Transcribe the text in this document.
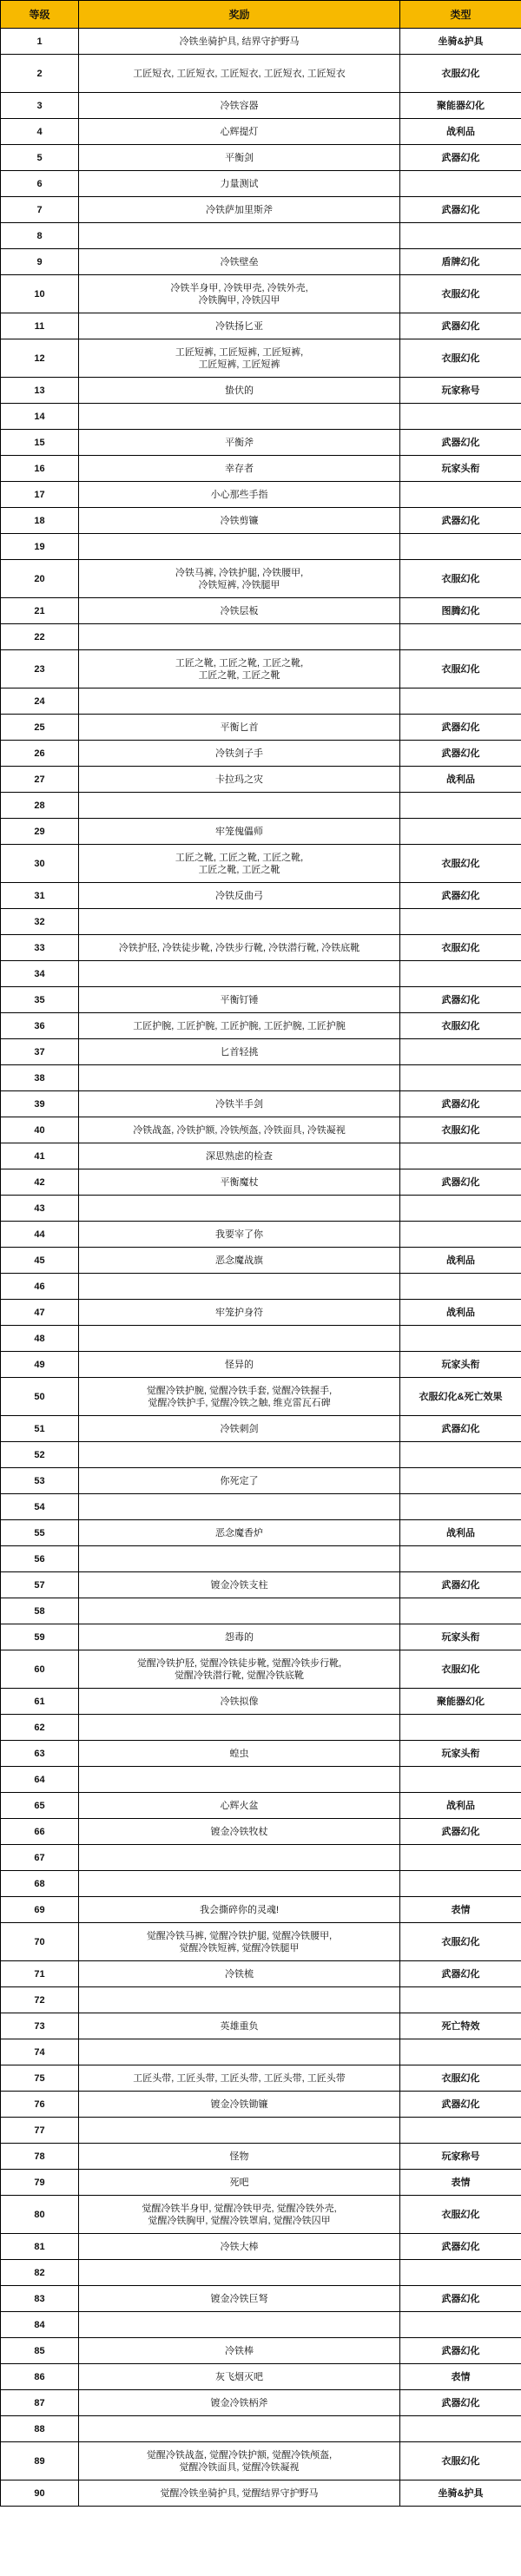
等级	奖励	类型
1	冷铁坐骑护具, 结界守护野马	坐骑&护具
2	工匠短衣, 工匠短衣, 工匠短衣, 工匠短衣, 工匠短衣	衣服幻化
3	冷铁容器	聚能器幻化
4	心辉提灯	战利品
5	平衡剑	武器幻化
6	力量测试	
7	冷铁萨加里斯斧	武器幻化
8		
9	冷铁壁垒	盾牌幻化
10	冷铁半身甲, 冷铁甲壳, 冷铁外壳,
冷铁胸甲, 冷铁囚甲	衣服幻化
11	冷铁扬匕亚	武器幻化
12	工匠短裤, 工匠短裤, 工匠短裤,
工匠短裤, 工匠短裤	衣服幻化
13	蛰伏的	玩家称号
14		
15	平衡斧	武器幻化
16	幸存者	玩家头衔
17	小心那些手指	
18	冷铁剪镰	武器幻化
19		
20	冷铁马裤, 冷铁护腿, 冷铁腰甲,
冷铁短裤, 冷铁腿甲	衣服幻化
21	冷铁层板	图腾幻化
22		
23	工匠之靴, 工匠之靴, 工匠之靴,
工匠之靴, 工匠之靴	衣服幻化
24		
25	平衡匕首	武器幻化
26	冷铁剑子手	武器幻化
27	卡拉玛之灾	战利品
28		
29	牢笼傀儡师	
30	工匠之靴, 工匠之靴, 工匠之靴,
工匠之靴, 工匠之靴	衣服幻化
31	冷铁反曲弓	武器幻化
32		
33	冷铁护胫, 冷铁徒步靴, 冷铁步行靴, 冷铁潜行靴, 冷铁底靴	衣服幻化
34		
35	平衡钉锤	武器幻化
36	工匠护腕, 工匠护腕, 工匠护腕, 工匠护腕, 工匠护腕	衣服幻化
37	匕首轻挑	
38		
39	冷铁半手剑	武器幻化
40	冷铁战盔, 冷铁护额, 冷铁颅盔, 冷铁面具, 冷铁凝视	衣服幻化
41	深思熟虑的检查	
42	平衡魔杖	武器幻化
43		
44	我要宰了你	
45	恶念魔战旗	战利品
46		
47	牢笼护身符	战利品
48		
49	怪异的	玩家头衔
50	觉醒冷铁护腕, 觉醒冷铁手套, 觉醒冷铁握手,
觉醒冷铁护手, 觉醒冷铁之触, 维克雷瓦石碑	衣服幻化&死亡效果
51	冷铁刺剑	武器幻化
52		
53	你死定了	
54		
55	恶念魔香炉	战利品
56		
57	镀金冷铁支柱	武器幻化
58		
59	怨毒的	玩家头衔
60	觉醒冷铁护胫, 觉醒冷铁徒步靴, 觉醒冷铁步行靴,
觉醒冷铁潜行靴, 觉醒冷铁底靴	衣服幻化
61	冷铁拟像	聚能器幻化
62		
63	蝗虫	玩家头衔
64		
65	心辉火盆	战利品
66	镀金冷铁牧杖	武器幻化
67		
68		
69	我会撕碎你的灵魂!	表情
70	觉醒冷铁马裤, 觉醒冷铁护腿, 觉醒冷铁腰甲,
觉醒冷铁短裤, 觉醒冷铁腿甲	衣服幻化
71	冷铁梳	武器幻化
72		
73	英雄重负	死亡特效
74		
75	工匠头带, 工匠头带, 工匠头带, 工匠头带, 工匠头带	衣服幻化
76	镀金冷铁锄镰	武器幻化
77		
78	怪物	玩家称号
79	死吧	表情
80	觉醒冷铁半身甲, 觉醒冷铁甲壳, 觉醒冷铁外壳,
觉醒冷铁胸甲, 觉醒冷铁罩肩, 觉醒冷铁囚甲	衣服幻化
81	冷铁大棒	武器幻化
82		
83	镀金冷铁巨弩	武器幻化
84		
85	冷铁棒	武器幻化
86	灰飞烟灭吧	表情
87	镀金冷铁柄斧	武器幻化
88		
89	觉醒冷铁战盔, 觉醒冷铁护额, 觉醒冷铁颅盔,
觉醒冷铁面具, 觉醒冷铁凝视	衣服幻化
90	觉醒冷铁坐骑护具, 觉醒结界守护野马	坐骑&护具
